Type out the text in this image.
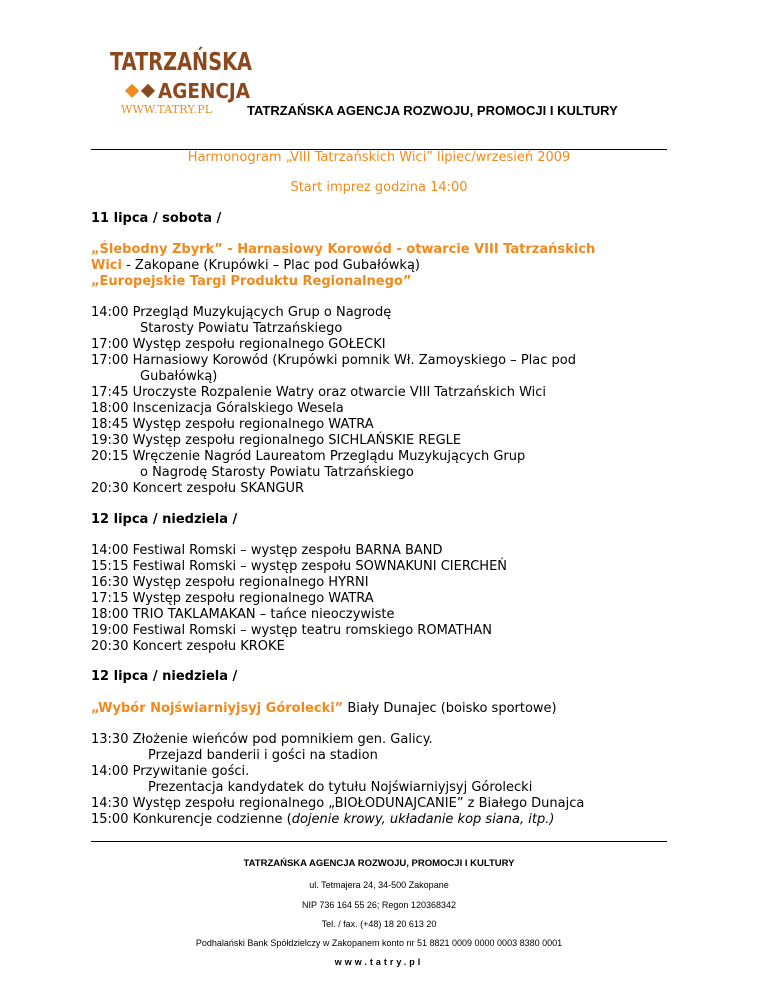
TATRZAŃSKA
AGENCJA
WWW.TATRY.PL	TATRZAŃSKA AGENCJA ROZWOJU, PROMOCJI I KULTURY
Harmonogram „VIII Tatrzańskich Wici” lipiec/wrzesień 2009
Start imprez godzina 14:00
11 lipca / sobota /
„Ślebodny Zbyrk” - Harnasiowy Korowód - otwarcie VIII Tatrzańskich
Wici - Zakopane (Krupówki – Plac pod Gubałówką)
„Europejskie Targi Produktu Regionalnego”
14:00 Przegląd Muzykujących Grup o Nagrodę
Starosty Powiatu Tatrzańskiego
17:00 Występ zespołu regionalnego GOŁECKI
17:00 Harnasiowy Korowód (Krupówki pomnik Wł. Zamoyskiego – Plac pod
Gubałówką)
17:45 Uroczyste Rozpalenie Watry oraz otwarcie VIII Tatrzańskich Wici
18:00 Inscenizacja Góralskiego Wesela
18:45 Występ zespołu regionalnego WATRA
19:30 Występ zespołu regionalnego SICHLAŃSKIE REGLE
20:15 Wręczenie Nagród Laureatom Przeglądu Muzykujących Grup
o Nagrodę Starosty Powiatu Tatrzańskiego
20:30 Koncert zespołu SKANGUR
12 lipca / niedziela /
14:00 Festiwal Romski – występ zespołu BARNA BAND
15:15 Festiwal Romski – występ zespołu SOWNAKUNI CIERCHEŃ
16:30 Występ zespołu regionalnego HYRNI
17:15 Występ zespołu regionalnego WATRA
18:00 TRIO TAKLAMAKAN – tańce nieoczywiste
19:00 Festiwal Romski – występ teatru romskiego ROMATHAN
20:30 Koncert zespołu KROKE
12 lipca / niedziela /
„Wybór Nojświarniyjsyj Górolecki” Biały Dunajec (boisko sportowe)
13:30 Złożenie wieńców pod pomnikiem gen. Galicy.
Przejazd banderii i gości na stadion
14:00 Przywitanie gości.
Prezentacja kandydatek do tytułu Nojświarniyjsyj Górolecki
14:30 Występ zespołu regionalnego „BIOŁODUNAJCANIE” z Białego Dunajca
15:00 Konkurencje codzienne (dojenie krowy, układanie kop siana, itp.)
TATRZAŃSKA AGENCJA ROZWOJU, PROMOCJI I KULTURY
ul. Tetmajera 24, 34-500 Zakopane
NIP 736 164 55 26; Regon 120368342
Tel. / fax. (+48) 18 20 613 20
Podhalański Bank Spółdzielczy w Zakopanem konto nr 51 8821 0009 0000 0003 8380 0001
www.tatry.pl
